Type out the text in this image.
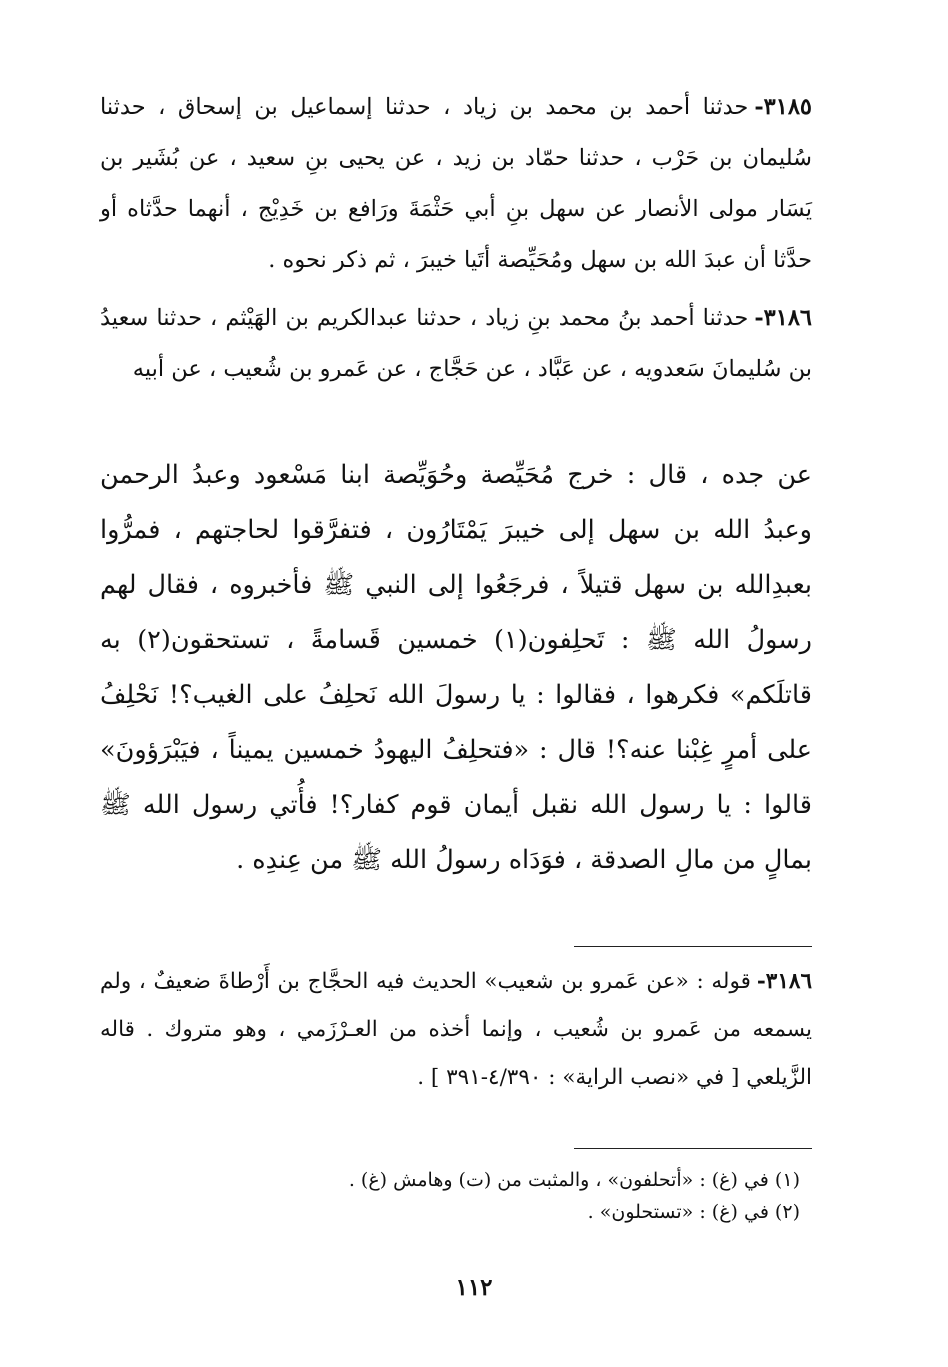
٣١٨٥-حدثنا أحمد بن محمد بن زياد ، حدثنا إسماعيل بن إسحاق ، حدثنا سُليمان بن حَرْب ، حدثنا حمّاد بن زيد ، عن يحيى بنِ سعيد ، عن بُشَير بن يَسَار مولى الأنصار عن سهل بنِ أبي حَثْمَةَ ورَافع بن خَدِيْج ، أنهما حدَّثاه أو حدَّثا أن عبدَ الله بن سهل ومُحَيِّصة أتَيا خيبرَ ، ثم ذكر نحوه .

٣١٨٦-حدثنا أحمد بنُ محمد بنِ زياد ، حدثنا عبدالكريم بن الهَيْثم ، حدثنا سعيدُ بن سُليمانَ سَعدويه ، عن عَبَّاد ، عن حَجَّاج ، عن عَمرو بن شُعيب ، عن أبيه

عن جده ، قال : خرج مُحَيِّصة وحُوَيِّصة ابنا مَسْعود وعبدُ الرحمن وعبدُ الله بن سهل إلى خيبرَ يَمْتَارُون ، فتفرَّقوا لحاجتهم ، فمرُّوا بعبدِالله بن سهل قتيلاً ، فرجَعُوا إلى النبي ﷺ فأخبروه ، فقال لهم رسولُ الله ﷺ : تَحلِفون(١) خمسين قَسامةً ، تستحقون(٢) به قاتلَكم» فكرهوا ، فقالوا : يا رسولَ الله نَحلِفُ على الغيب؟! نَحْلِفُ على أمرٍ غِبْنا عنه؟! قال : «فتحلِفُ اليهودُ خمسين يميناً ، فيَبْرَؤونَ» قالوا : يا رسول الله نقبل أيمان قوم كفار؟! فأُتي رسول الله ﷺ بمالٍ من مالِ الصدقة ، فوَدَاه رسولُ الله ﷺ من عِندِه .

٣١٨٦-قوله : «عن عَمرو بن شعيب» الحديث فيه الحجَّاج بن أَرْطاةَ ضعيفٌ ، ولم يسمعه من عَمرو بن شُعيب ، وإنما أخذه من العـرْزَمي ، وهو متروك . قاله الزَّيلعي [ في «نصب الراية» : ٤/٣٩٠-٣٩١ ] .

(١) في (غ) : «أتحلفون» ، والمثبت من (ت) وهامش (غ) .

(٢) في (غ) : «تستحلون» .

١١٢
